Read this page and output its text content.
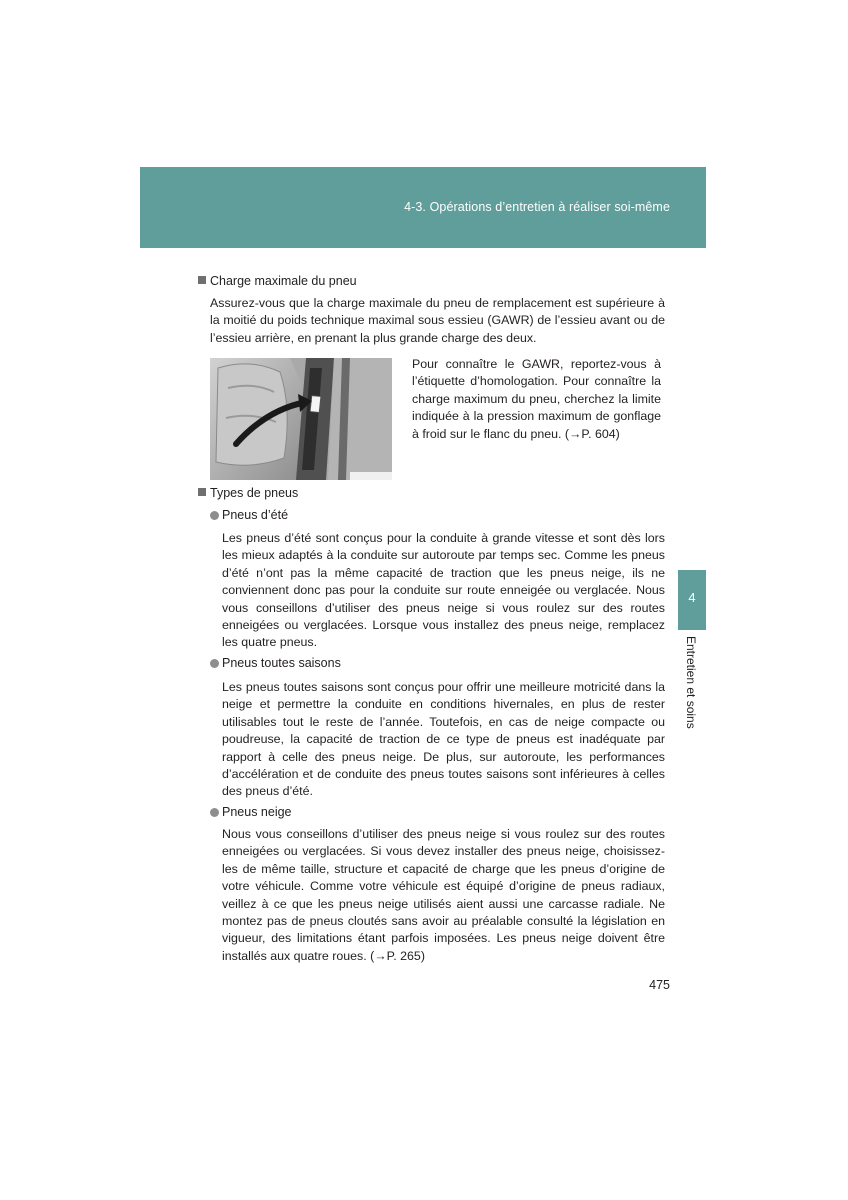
4-3. Opérations d’entretien à réaliser soi-même
4
Entretien et soins
Charge maximale du pneu

Assurez-vous que la charge maximale du pneu de remplacement est supérieure à la moitié du poids technique maximal sous essieu (GAWR) de l’essieu avant ou de l’essieu arrière, en prenant la plus grande charge des deux.

Pour connaître le GAWR, reportez-vous à l’étiquette d’homologation. Pour connaître la charge maximum du pneu, cherchez la limite indiquée à la pression maximum de gonflage à froid sur le flanc du pneu. (→P. 604)

Types de pneus
Pneus d’été

Les pneus d’été sont conçus pour la conduite à grande vitesse et sont dès lors les mieux adaptés à la conduite sur autoroute par temps sec. Comme les pneus d’été n’ont pas la même capacité de traction que les pneus neige, ils ne conviennent donc pas pour la conduite sur route enneigée ou verglacée. Nous vous conseillons d’utiliser des pneus neige si vous roulez sur des routes enneigées ou verglacées. Lorsque vous installez des pneus neige, remplacez les quatre pneus.

Pneus toutes saisons

Les pneus toutes saisons sont conçus pour offrir une meilleure motricité dans la neige et permettre la conduite en conditions hivernales, en plus de rester utilisables tout le reste de l’année. Toutefois, en cas de neige compacte ou poudreuse, la capacité de traction de ce type de pneus est inadéquate par rapport à celle des pneus neige. De plus, sur autoroute, les performances d’accélération et de conduite des pneus toutes saisons sont inférieures à celles des pneus d’été.

Pneus neige

Nous vous conseillons d’utiliser des pneus neige si vous roulez sur des routes enneigées ou verglacées. Si vous devez installer des pneus neige, choisissez-les de même taille, structure et capacité de charge que les pneus d’origine de votre véhicule. Comme votre véhicule est équipé d’origine de pneus radiaux, veillez à ce que les pneus neige utilisés aient aussi une carcasse radiale. Ne montez pas de pneus cloutés sans avoir au préalable consulté la législation en vigueur, des limitations étant parfois imposées. Les pneus neige doivent être installés aux quatre roues. (→P. 265)

475
